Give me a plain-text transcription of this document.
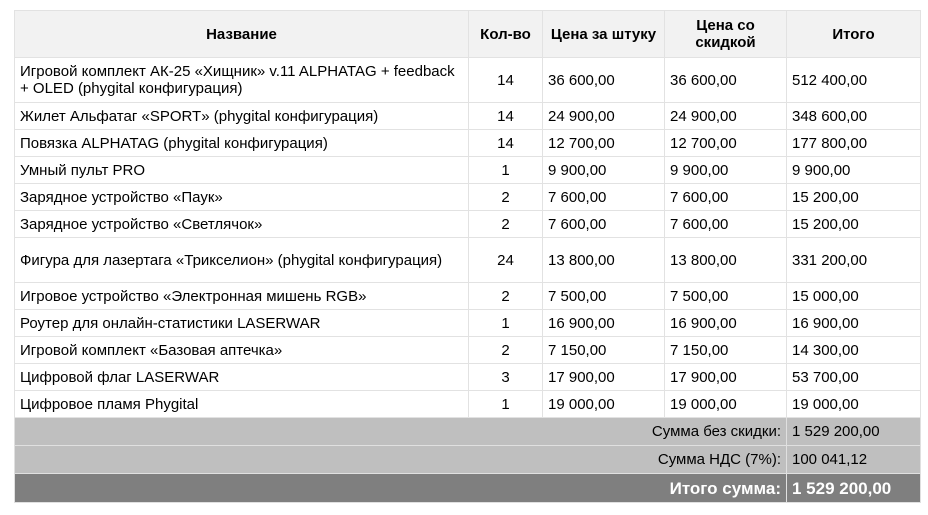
Название	Кол-во	Цена за штуку	Цена со скидкой	Итого
Игровой комплект АК-25 «Хищник» v.11 ALPHATAG + feedback + OLED (phygital конфигурация)	14	36 600,00	36 600,00	512 400,00
Жилет Альфатаг «SPORT» (phygital конфигурация)	14	24 900,00	24 900,00	348 600,00
Повязка ALPHATAG (phygital конфигурация)	14	12 700,00	12 700,00	177 800,00
Умный пульт PRO	1	9 900,00	9 900,00	9 900,00
Зарядное устройство «Паук»	2	7 600,00	7 600,00	15 200,00
Зарядное устройство «Светлячок»	2	7 600,00	7 600,00	15 200,00
Фигура для лазертага «Трикселион» (phygital конфигурация)	24	13 800,00	13 800,00	331 200,00
Игровое устройство «Электронная мишень RGB»	2	7 500,00	7 500,00	15 000,00
Роутер для онлайн-статистики LASERWAR	1	16 900,00	16 900,00	16 900,00
Игровой комплект «Базовая аптечка»	2	7 150,00	7 150,00	14 300,00
Цифровой флаг LASERWAR	3	17 900,00	17 900,00	53 700,00
Цифровое пламя Phygital	1	19 000,00	19 000,00	19 000,00
Сумма без скидки:				1 529 200,00
Сумма НДС (7%):				100 041,12
Итого сумма:				1 529 200,00
